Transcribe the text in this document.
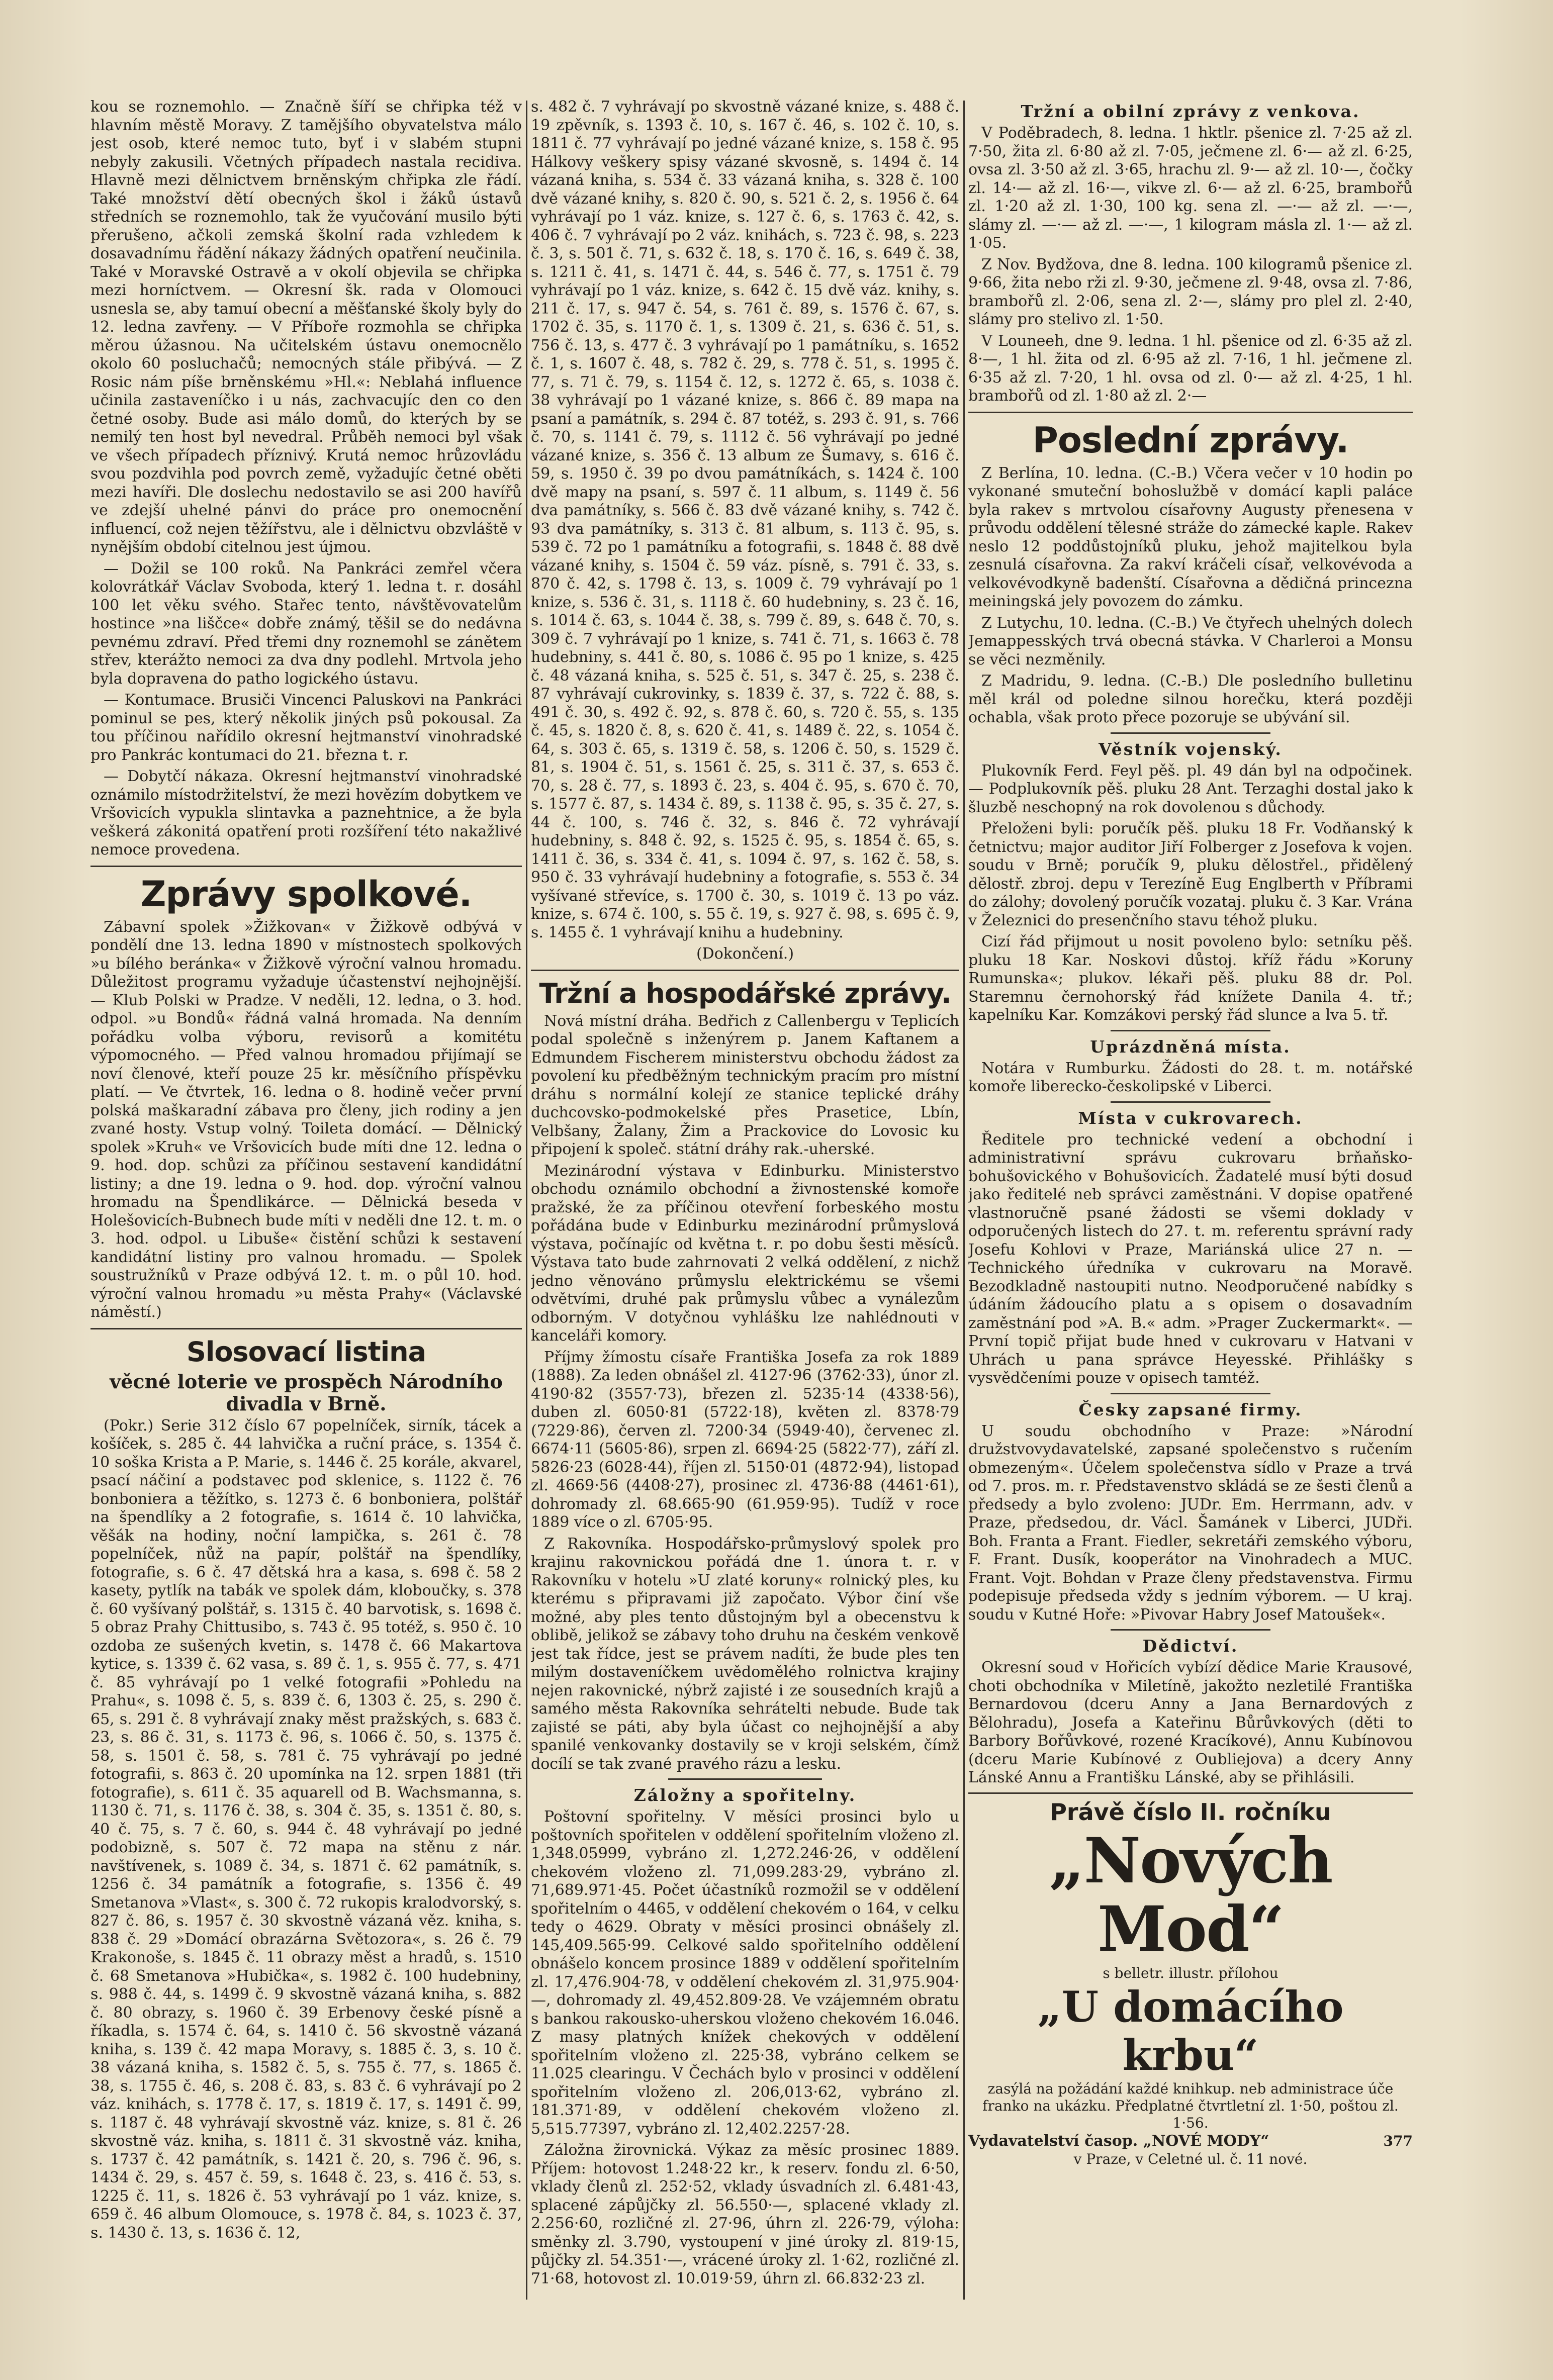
kou se roznemohlo. — Značně šíří se chřipka též v hlavním městě Moravy. Z tamějšího obyvatelstva málo jest osob, které nemoc tuto, byť i v slabém stupni nebyly zakusili. Včetných případech nastala recidiva. Hlavně mezi dělnictvem brněnským chřipka zle řádí. Také množství dětí obecných škol i žáků ústavů středních se roznemohlo, tak že vyučování musilo býti přerušeno, ačkoli zemská školní rada vzhledem k dosavadnímu řádění nákazy žádných opatření neučinila. Také v Moravské Ostravě a v okolí objevila se chřipka mezi horníctvem. — Okresní šk. rada v Olomouci usnesla se, aby tamuí obecní a měšťanské školy byly do 12. ledna zavřeny. — V Příboře rozmohla se chřipka měrou úžasnou. Na učitelském ústavu onemocnělo okolo 60 posluchačů; nemocných stále přibývá. — Z Rosic nám píše brněnskému »Hl.«: Neblahá influence učinila zastaveníčko i u nás, zachvacujíc den co den četné osoby. Bude asi málo domů, do kterých by se nemilý ten host byl nevedral. Průběh nemoci byl však ve všech případech příznivý. Krutá nemoc hrůzovládu svou pozdvihla pod povrch země, vyžadujíc četné oběti mezi havíři. Dle doslechu nedostavilo se asi 200 havířů ve zdejší uhelné pánvi do práce pro onemocnění influencí, což nejen těžířstvu, ale i dělnictvu obzvláště v nynějším období citelnou jest újmou.

— Dožil se 100 roků. Na Pankráci zemřel včera kolovrátkář Václav Svoboda, který 1. ledna t. r. dosáhl 100 let věku svého. Stařec tento, návštěvovatelům hostince »na liščce« dobře známý, těšil se do nedávna pevnému zdraví. Před třemi dny roznemohl se zánětem střev, kterážto nemoci za dva dny podlehl. Mrtvola jeho byla dopravena do patho logického ústavu.

— Kontumace. Brusiči Vincenci Paluskovi na Pankráci pominul se pes, který několik jiných psů pokousal. Za tou příčinou nařídilo okresní hejtmanství vinohradské pro Pankrác kontumaci do 21. března t. r.

— Dobytčí nákaza. Okresní hejtmanství vinohradské oznámilo místodržitelství, že mezi hovězím dobytkem ve Vršovicích vypukla slintavka a paznehtnice, a že byla veškerá zákonitá opatření proti rozšíření této nakažlivé nemoce provedena.

Zprávy spolkové.

Zábavní spolek »Žižkovan« v Žižkově odbývá v pondělí dne 13. ledna 1890 v místnostech spolkových »u bílého beránka« v Žižkově výroční valnou hromadu. Důležitost programu vyžaduje účastenství nejhojnější. — Klub Polski w Pradze. V neděli, 12. ledna, o 3. hod. odpol. »u Bondů« řádná valná hromada. Na denním pořádku volba výboru, revisorů a komitétu výpomocného. — Před valnou hromadou přijímají se noví členové, kteří pouze 25 kr. měsíčního příspěvku platí. — Ve čtvrtek, 16. ledna o 8. hodině večer první polská maškaradní zábava pro členy, jich rodiny a jen zvané hosty. Vstup volný. Toileta domácí. — Dělnický spolek »Kruh« ve Vršovicích bude míti dne 12. ledna o 9. hod. dop. schůzi za příčinou sestavení kandidátní listiny; a dne 19. ledna o 9. hod. dop. výroční valnou hromadu na Špendlikárce. — Dělnická beseda v Holešovicích-Bubnech bude míti v neděli dne 12. t. m. o 3. hod. odpol. u Libuše« čistění schůzi k sestavení kandidátní listiny pro valnou hromadu. — Spolek soustružníků v Praze odbývá 12. t. m. o půl 10. hod. výroční valnou hromadu »u města Prahy« (Václavské náměstí.)

Slosovací listina
věcné loterie ve prospěch Národního divadla v Brně.

(Pokr.) Serie 312 číslo 67 popelníček, sirník, tácek a košíček, s. 285 č. 44 lahvička a ruční práce, s. 1354 č. 10 soška Krista a P. Marie, s. 1446 č. 25 korále, akvarel, psací náčiní a podstavec pod sklenice, s. 1122 č. 76 bonboniera a těžítko, s. 1273 č. 6 bonboniera, polštář na špendlíky a 2 fotografie, s. 1614 č. 10 lahvička, věšák na hodiny, noční lampička, s. 261 č. 78 popelníček, nůž na papír, polštář na špendlíky, fotografie, s. 6 č. 47 dětská hra a kasa, s. 698 č. 58 2 kasety, pytlík na tabák ve spolek dám, kloboučky, s. 378 č. 60 vyšívaný polštář, s. 1315 č. 40 barvotisk, s. 1698 č. 5 obraz Prahy Chittusibo, s. 743 č. 95 totéž, s. 950 č. 10 ozdoba ze sušených kvetin, s. 1478 č. 66 Makartova kytice, s. 1339 č. 62 vasa, s. 89 č. 1, s. 955 č. 77, s. 471 č. 85 vyhrávají po 1 velké fotografii »Pohledu na Prahu«, s. 1098 č. 5, s. 839 č. 6, 1303 č. 25, s. 290 č. 65, s. 291 č. 8 vyhrávají znaky měst pražských, s. 683 č. 23, s. 86 č. 31, s. 1173 č. 96, s. 1066 č. 50, s. 1375 č. 58, s. 1501 č. 58, s. 781 č. 75 vyhrávají po jedné fotografii, s. 863 č. 20 upomínka na 12. srpen 1881 (tři fotografie), s. 611 č. 35 aquarell od B. Wachsmanna, s. 1130 č. 71, s. 1176 č. 38, s. 304 č. 35, s. 1351 č. 80, s. 40 č. 75, s. 7 č. 60, s. 944 č. 48 vyhrávají po jedné podobizně, s. 507 č. 72 mapa na stěnu z nár. navštívenek, s. 1089 č. 34, s. 1871 č. 62 památník, s. 1256 č. 34 památník a fotografie, s. 1356 č. 49 Smetanova »Vlast«, s. 300 č. 72 rukopis kralodvorský, s. 827 č. 86, s. 1957 č. 30 skvostně vázaná věz. kniha, s. 838 č. 29 »Domácí obrazárna Světozora«, s. 26 č. 79 Krakonoše, s. 1845 č. 11 obrazy měst a hradů, s. 1510 č. 68 Smetanova »Hubička«, s. 1982 č. 100 hudebniny, s. 988 č. 44, s. 1499 č. 9 skvostně vázaná kniha, s. 882 č. 80 obrazy, s. 1960 č. 39 Erbenovy české písně a říkadla, s. 1574 č. 64, s. 1410 č. 56 skvostně vázaná kniha, s. 139 č. 42 mapa Moravy, s. 1885 č. 3, s. 10 č. 38 vázaná kniha, s. 1582 č. 5, s. 755 č. 77, s. 1865 č. 38, s. 1755 č. 46, s. 208 č. 83, s. 83 č. 6 vyhrávají po 2 váz. knihách, s. 1778 č. 17, s. 1819 č. 17, s. 1491 č. 99, s. 1187 č. 48 vyhrávají skvostně váz. knize, s. 81 č. 26 skvostně váz. kniha, s. 1811 č. 31 skvostně váz. kniha, s. 1737 č. 42 památník, s. 1421 č. 20, s. 796 č. 96, s. 1434 č. 29, s. 457 č. 59, s. 1648 č. 23, s. 416 č. 53, s. 1225 č. 11, s. 1826 č. 53 vyhrávají po 1 váz. knize, s. 659 č. 46 album Olomouce, s. 1978 č. 84, s. 1023 č. 37, s. 1430 č. 13, s. 1636 č. 12,

s. 482 č. 7 vyhrávají po skvostně vázané knize, s. 488 č. 19 zpěvník, s. 1393 č. 10, s. 167 č. 46, s. 102 č. 10, s. 1811 č. 77 vyhrávají po jedné vázané knize, s. 158 č. 95 Hálkovy veškery spisy vázané skvosně, s. 1494 č. 14 vázaná kniha, s. 534 č. 33 vázaná kniha, s. 328 č. 100 dvě vázané knihy, s. 820 č. 90, s. 521 č. 2, s. 1956 č. 64 vyhrávají po 1 váz. knize, s. 127 č. 6, s. 1763 č. 42, s. 406 č. 7 vyhrávají po 2 váz. knihách, s. 723 č. 98, s. 223 č. 3, s. 501 č. 71, s. 632 č. 18, s. 170 č. 16, s. 649 č. 38, s. 1211 č. 41, s. 1471 č. 44, s. 546 č. 77, s. 1751 č. 79 vyhrávají po 1 váz. knize, s. 642 č. 15 dvě váz. knihy, s. 211 č. 17, s. 947 č. 54, s. 761 č. 89, s. 1576 č. 67, s. 1702 č. 35, s. 1170 č. 1, s. 1309 č. 21, s. 636 č. 51, s. 756 č. 13, s. 477 č. 3 vyhrávají po 1 památníku, s. 1652 č. 1, s. 1607 č. 48, s. 782 č. 29, s. 778 č. 51, s. 1995 č. 77, s. 71 č. 79, s. 1154 č. 12, s. 1272 č. 65, s. 1038 č. 38 vyhrávají po 1 vázané knize, s. 866 č. 89 mapa na psaní a památník, s. 294 č. 87 totéž, s. 293 č. 91, s. 766 č. 70, s. 1141 č. 79, s. 1112 č. 56 vyhrávají po jedné vázané knize, s. 356 č. 13 album ze Šumavy, s. 616 č. 59, s. 1950 č. 39 po dvou památníkách, s. 1424 č. 100 dvě mapy na psaní, s. 597 č. 11 album, s. 1149 č. 56 dva památníky, s. 566 č. 83 dvě vázané knihy, s. 742 č. 93 dva památníky, s. 313 č. 81 album, s. 113 č. 95, s. 539 č. 72 po 1 památníku a fotografii, s. 1848 č. 88 dvě vázané knihy, s. 1504 č. 59 váz. písně, s. 791 č. 33, s. 870 č. 42, s. 1798 č. 13, s. 1009 č. 79 vyhrávají po 1 knize, s. 536 č. 31, s. 1118 č. 60 hudebniny, s. 23 č. 16, s. 1014 č. 63, s. 1044 č. 38, s. 799 č. 89, s. 648 č. 70, s. 309 č. 7 vyhrávají po 1 knize, s. 741 č. 71, s. 1663 č. 78 hudebniny, s. 441 č. 80, s. 1086 č. 95 po 1 knize, s. 425 č. 48 vázaná kniha, s. 525 č. 51, s. 347 č. 25, s. 238 č. 87 vyhrávají cukrovinky, s. 1839 č. 37, s. 722 č. 88, s. 491 č. 30, s. 492 č. 92, s. 878 č. 60, s. 720 č. 55, s. 135 č. 45, s. 1820 č. 8, s. 620 č. 41, s. 1489 č. 22, s. 1054 č. 64, s. 303 č. 65, s. 1319 č. 58, s. 1206 č. 50, s. 1529 č. 81, s. 1904 č. 51, s. 1561 č. 25, s. 311 č. 37, s. 653 č. 70, s. 28 č. 77, s. 1893 č. 23, s. 404 č. 95, s. 670 č. 70, s. 1577 č. 87, s. 1434 č. 89, s. 1138 č. 95, s. 35 č. 27, s. 44 č. 100, s. 746 č. 32, s. 846 č. 72 vyhrávají hudebniny, s. 848 č. 92, s. 1525 č. 95, s. 1854 č. 65, s. 1411 č. 36, s. 334 č. 41, s. 1094 č. 97, s. 162 č. 58, s. 950 č. 33 vyhrávají hudebniny a fotografie, s. 553 č. 34 vyšívané střevíce, s. 1700 č. 30, s. 1019 č. 13 po váz. knize, s. 674 č. 100, s. 55 č. 19, s. 927 č. 98, s. 695 č. 9, s. 1455 č. 1 vyhrávají knihu a hudebniny.

(Dokončení.)

Tržní a hospodářské zprávy.

Nová místní dráha. Bedřich z Callenbergu v Teplicích podal společně s inženýrem p. Janem Kaftanem a Edmundem Fischerem ministerstvu obchodu žádost za povolení ku předběžným technickým pracím pro místní dráhu s normální kolejí ze stanice teplické dráhy duchcovsko-podmokelské přes Prasetice, Lbín, Velbšany, Žalany, Žim a Prackovice do Lovosic ku připojení k společ. státní dráhy rak.-uherské.

Mezinárodní výstava v Edinburku. Ministerstvo obchodu oznámilo obchodní a živnostenské komoře pražské, že za příčinou otevření forbeského mostu pořádána bude v Edinburku mezinárodní průmyslová výstava, počínajíc od května t. r. po dobu šesti měsíců. Výstava tato bude zahrnovati 2 velká oddělení, z nichž jedno věnováno průmyslu elektrickému se všemi odvětvími, druhé pak průmyslu vůbec a vynálezům odborným. V dotyčnou vyhlášku lze nahlédnouti v kanceláři komory.

Příjmy žímostu císaře Františka Josefa za rok 1889 (1888). Za leden obnášel zl. 4127·96 (3762·33), únor zl. 4190·82 (3557·73), březen zl. 5235·14 (4338·56), duben zl. 6050·81 (5722·18), květen zl. 8378·79 (7229·86), červen zl. 7200·34 (5949·40), červenec zl. 6674·11 (5605·86), srpen zl. 6694·25 (5822·77), září zl. 5826·23 (6028·44), říjen zl. 5150·01 (4872·94), listopad zl. 4669·56 (4408·27), prosinec zl. 4736·88 (4461·61), dohromady zl. 68.665·90 (61.959·95). Tudíž v roce 1889 více o zl. 6705·95.

Z Rakovníka. Hospodářsko-průmyslový spolek pro krajinu rakovnickou pořádá dne 1. února t. r. v Rakovníku v hotelu »U zlaté koruny« rolnický ples, ku kterému s připravami již započato. Výbor činí vše možné, aby ples tento důstojným byl a obecenstvu k oblibě, jelikož se zábavy toho druhu na českém venkově jest tak řídce, jest se právem nadíti, že bude ples ten milým dostaveníčkem uvědomělého rolnictva krajiny nejen rakovnické, nýbrž zajisté i ze sousedních krajů a samého města Rakovníka sehrátelti nebude. Bude tak zajisté se páti, aby byla účast co nejhojnější a aby spanilé venkovanky dostavily se v kroji selském, čímž docílí se tak zvané pravého rázu a lesku.

Záložny a spořitelny.

Poštovní spořitelny. V měsíci prosinci bylo u poštovních spořitelen v oddělení spořitelním vloženo zl. 1,348.05999, vybráno zl. 1,272.246·26, v oddělení chekovém vloženo zl. 71,099.283·29, vybráno zl. 71,689.971·45. Počet účastníků rozmožil se v oddělení spořitelním o 4465, v oddělení chekovém o 164, v celku tedy o 4629. Obraty v měsíci prosinci obnášely zl. 145,409.565·99. Celkové saldo spořitelního oddělení obnášelo koncem prosince 1889 v oddělení spořitelním zl. 17,476.904·78, v oddělení chekovém zl. 31,975.904·—, dohromady zl. 49,452.809·28. Ve vzájemném obratu s bankou rakousko-uherskou vloženo chekovém 16.046. Z masy platných knížek chekových v oddělení spořitelním vloženo zl. 225·38, vybráno celkem se 11.025 clearingu. V Čechách bylo v prosinci v oddělení spořitelním vloženo zl. 206,013·62, vybráno zl. 181.371·89, v oddělení chekovém vloženo zl. 5,515.77397, vybráno zl. 12,402.2257·28.

Záložna žirovnická. Výkaz za měsíc prosinec 1889. Příjem: hotovost 1.248·22 kr., k reserv. fondu zl. 6·50, vklady členů zl. 252·52, vklady úsvadních zl. 6.481·43, splacené zápůjčky zl. 56.550·—, splacené vklady zl. 2.256·60, rozličné zl. 27·96, úhrn zl. 226·79, výloha: směnky zl. 3.790, vystoupení v jiné úroky zl. 819·15, půjčky zl. 54.351·—, vrácené úroky zl. 1·62, rozličné zl. 71·68, hotovost zl. 10.019·59, úhrn zl. 66.832·23 zl.

Tržní a obilní zprávy z venkova.

V Poděbradech, 8. ledna. 1 hktlr. pšenice zl. 7·25 až zl. 7·50, žita zl. 6·80 až zl. 7·05, ječmene zl. 6·— až zl. 6·25, ovsa zl. 3·50 až zl. 3·65, hrachu zl. 9·— až zl. 10·—, čočky zl. 14·— až zl. 16·—, vikve zl. 6·— až zl. 6·25, brambořů zl. 1·20 až zl. 1·30, 100 kg. sena zl. —·— až zl. —·—, slámy zl. —·— až zl. —·—, 1 kilogram másla zl. 1·— až zl. 1·05.

Z Nov. Bydžova, dne 8. ledna. 100 kilogramů pšenice zl. 9·66, žita nebo rži zl. 9·30, ječmene zl. 9·48, ovsa zl. 7·86, brambořů zl. 2·06, sena zl. 2·—, slámy pro plel zl. 2·40, slámy pro stelivo zl. 1·50.

V Louneeh, dne 9. ledna. 1 hl. pšenice od zl. 6·35 až zl. 8·—, 1 hl. žita od zl. 6·95 až zl. 7·16, 1 hl. ječmene zl. 6·35 až zl. 7·20, 1 hl. ovsa od zl. 0·— až zl. 4·25, 1 hl. brambořů od zl. 1·80 až zl. 2·—

Poslední zprávy.

Z Berlína, 10. ledna. (C.-B.) Včera večer v 10 hodin po vykonané smuteční bohoslužbě v domácí kapli paláce byla rakev s mrtvolou císařovny Augusty přenesena v průvodu oddělení tělesné stráže do zámecké kaple. Rakev neslo 12 poddůstojníků pluku, jehož majitelkou byla zesnulá císařovna. Za rakví kráčeli císař, velkovévoda a velkovévodkyně badenští. Císařovna a dědičná princezna meiningská jely povozem do zámku.

Z Lutychu, 10. ledna. (C.-B.) Ve čtyřech uhelných dolech Jemappesských trvá obecná stávka. V Charleroi a Monsu se věci nezměnily.

Z Madridu, 9. ledna. (C.-B.) Dle posledního bulletinu měl král od poledne silnou horečku, která později ochabla, však proto přece pozoruje se ubývání sil.

Věstník vojenský.

Plukovník Ferd. Feyl pěš. pl. 49 dán byl na odpočinek. — Podplukovník pěš. pluku 28 Ant. Terzaghi dostal jako k šluzbě neschopný na rok dovolenou s důchody.

Přeloženi byli: poručík pěš. pluku 18 Fr. Vodňanský k četnictvu; major auditor Jiří Folberger z Josefova k vojen. soudu v Brně; poručík 9, pluku dělostřel., přidělený dělostř. zbroj. depu v Terezíně Eug Englberth v Příbrami do zálohy; dovolený poručík vozataj. pluku č. 3 Kar. Vrána v Železnici do presenčního stavu téhož pluku.

Cizí řád přijmout u nosit povoleno bylo: setníku pěš. pluku 18 Kar. Noskovi důstoj. kříž řádu »Koruny Rumunska«; plukov. lékaři pěš. pluku 88 dr. Pol. Staremnu černohorský řád knížete Danila 4. tř.; kapelníku Kar. Komzákovi perský řád slunce a lva 5. tř.

Uprázdněná místa.

Notára v Rumburku. Žádosti do 28. t. m. notářské komoře liberecko-českolipské v Liberci.

Místa v cukrovarech.

Ředitele pro technické vedení a obchodní i administrativní správu cukrovaru brňaňsko-bohušovického v Bohušovicích. Žadatelé musí býti dosud jako ředitelé neb správci zaměstnáni. V dopise opatřené vlastnoručně psané žádosti se všemi doklady v odporučených listech do 27. t. m. referentu správní rady Josefu Kohlovi v Praze, Mariánská ulice 27 n. — Technického úředníka v cukrovaru na Moravě. Bezodkladně nastoupiti nutno. Neodporučené nabídky s údáním žádoucího platu a s opisem o dosavadním zaměstnání pod »A. B.« adm. »Prager Zuckermarkt«. — První topič přijat bude hned v cukrovaru v Hatvani v Uhrách u pana správce Heyesské. Přihlášky s vysvědčeními pouze v opisech tamtéž.

Česky zapsané firmy.

U soudu obchodního v Praze: »Národní družstvovydavatelské, zapsané společenstvo s ručením obmezeným«. Účelem společenstva sídlo v Praze a trvá od 7. pros. m. r. Představenstvo skládá se ze šesti členů a předsedy a bylo zvoleno: JUDr. Em. Herrmann, adv. v Praze, předsedou, dr. Václ. Šamánek v Liberci, JUDři. Boh. Franta a Frant. Fiedler, sekretáři zemského výboru, F. Frant. Dusík, kooperátor na Vinohradech a MUC. Frant. Vojt. Bohdan v Praze členy představenstva. Firmu podepisuje předseda vždy s jedním výborem. — U kraj. soudu v Kutné Hoře: »Pivovar Habry Josef Matoušek«.

Dědictví.

Okresní soud v Hořicích vybízí dědice Marie Krausové, choti obchodníka v Miletíně, jakožto nezletilé Františka Bernardovou (dceru Anny a Jana Bernardových z Bělohradu), Josefa a Kateřinu Bůrůvkových (děti to Barbory Bořůvkové, rozené Kracíkové), Annu Kubínovou (dceru Marie Kubínové z Oubliejova) a dcery Anny Lánské Annu a Františku Lánské, aby se přihlásili.

Právě číslo II. ročníku
„Nových Mod“
s belletr. illustr. přílohou
„U domácího krbu“
zasýlá na požádání každé knihkup. neb administrace úče franko na ukázku. Předplatné čtvrtletní zl. 1·50, poštou zl. 1·56.
Vydavatelství časop. „NOVÉ MODY“	377
v Praze, v Celetné ul. č. 11 nové.
